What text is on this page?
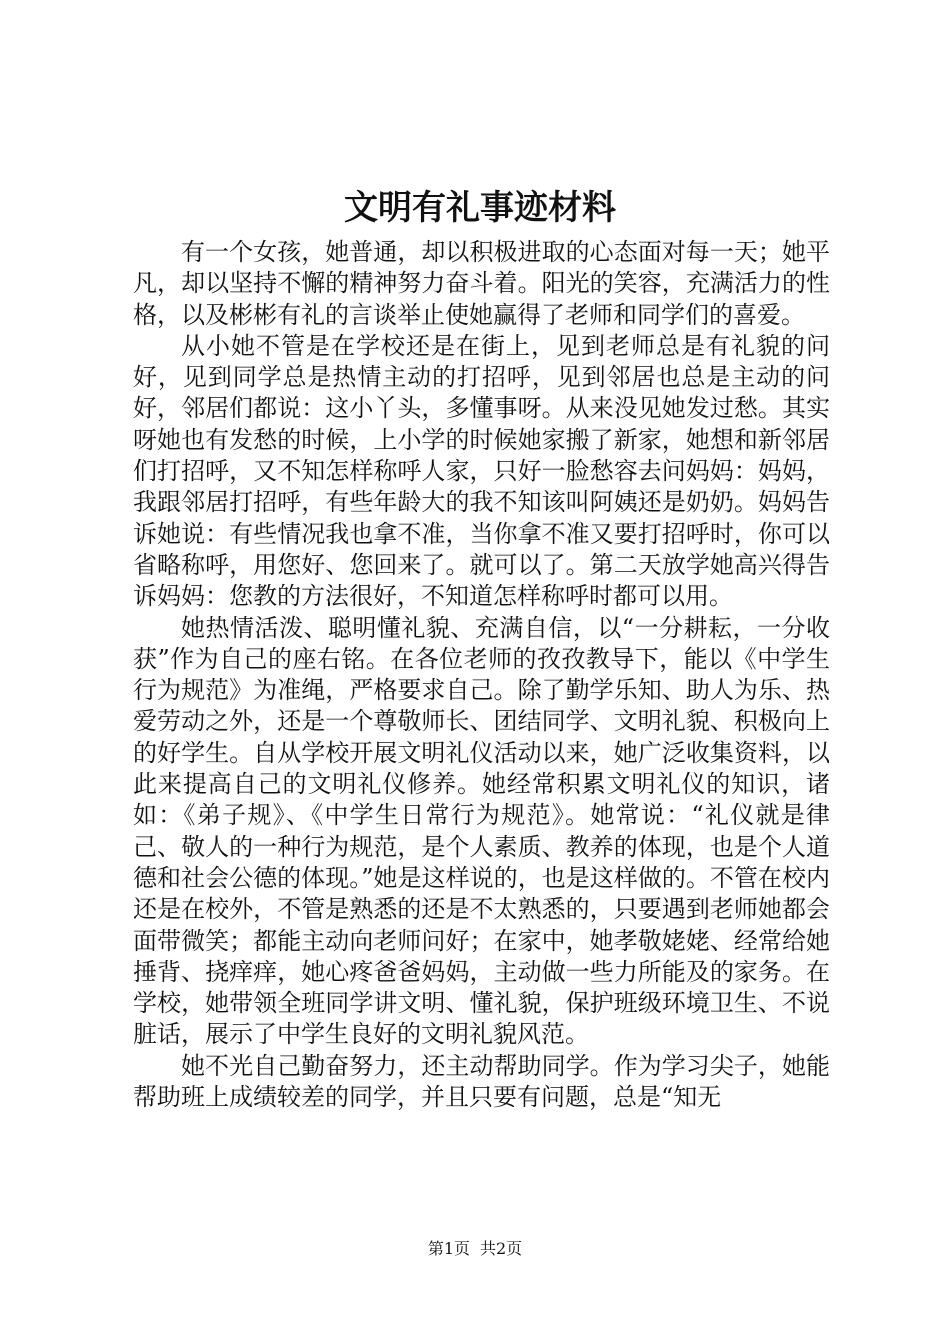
文明有礼事迹材料

有一个女孩，她普通，却以积极进取的心态面对每一天；她平凡，却以坚持不懈的精神努力奋斗着。阳光的笑容，充满活力的性格，以及彬彬有礼的言谈举止使她赢得了老师和同学们的喜爱。

从小她不管是在学校还是在街上，见到老师总是有礼貌的问好，见到同学总是热情主动的打招呼，见到邻居也总是主动的问好，邻居们都说：这小丫头，多懂事呀。从来没见她发过愁。其实呀她也有发愁的时候，上小学的时候她家搬了新家，她想和新邻居们打招呼，又不知怎样称呼人家，只好一脸愁容去问妈妈：妈妈，我跟邻居打招呼，有些年龄大的我不知该叫阿姨还是奶奶。妈妈告诉她说：有些情况我也拿不准，当你拿不准又要打招呼时，你可以省略称呼，用您好、您回来了。就可以了。第二天放学她高兴得告诉妈妈：您教的方法很好，不知道怎样称呼时都可以用。

她热情活泼、聪明懂礼貌、充满自信，以“一分耕耘，一分收获”作为自己的座右铭。在各位老师的孜孜教导下，能以《中学生行为规范》为准绳，严格要求自己。除了勤学乐知、助人为乐、热爱劳动之外，还是一个尊敬师长、团结同学、文明礼貌、积极向上的好学生。自从学校开展文明礼仪活动以来，她广泛收集资料，以此来提高自己的文明礼仪修养。她经常积累文明礼仪的知识，诸如：《弟子规》、《中学生日常行为规范》。她常说：“礼仪就是律己、敬人的一种行为规范，是个人素质、教养的体现，也是个人道德和社会公德的体现。”她是这样说的，也是这样做的。不管在校内还是在校外，不管是熟悉的还是不太熟悉的，只要遇到老师她都会面带微笑；都能主动向老师问好；在家中，她孝敬姥姥、经常给她捶背、挠痒痒，她心疼爸爸妈妈，主动做一些力所能及的家务。在学校，她带领全班同学讲文明、懂礼貌，保护班级环境卫生、不说脏话，展示了中学生良好的文明礼貌风范。

她不光自己勤奋努力，还主动帮助同学。作为学习尖子，她能帮助班上成绩较差的同学，并且只要有问题，总是“知无

第1页 共2页
